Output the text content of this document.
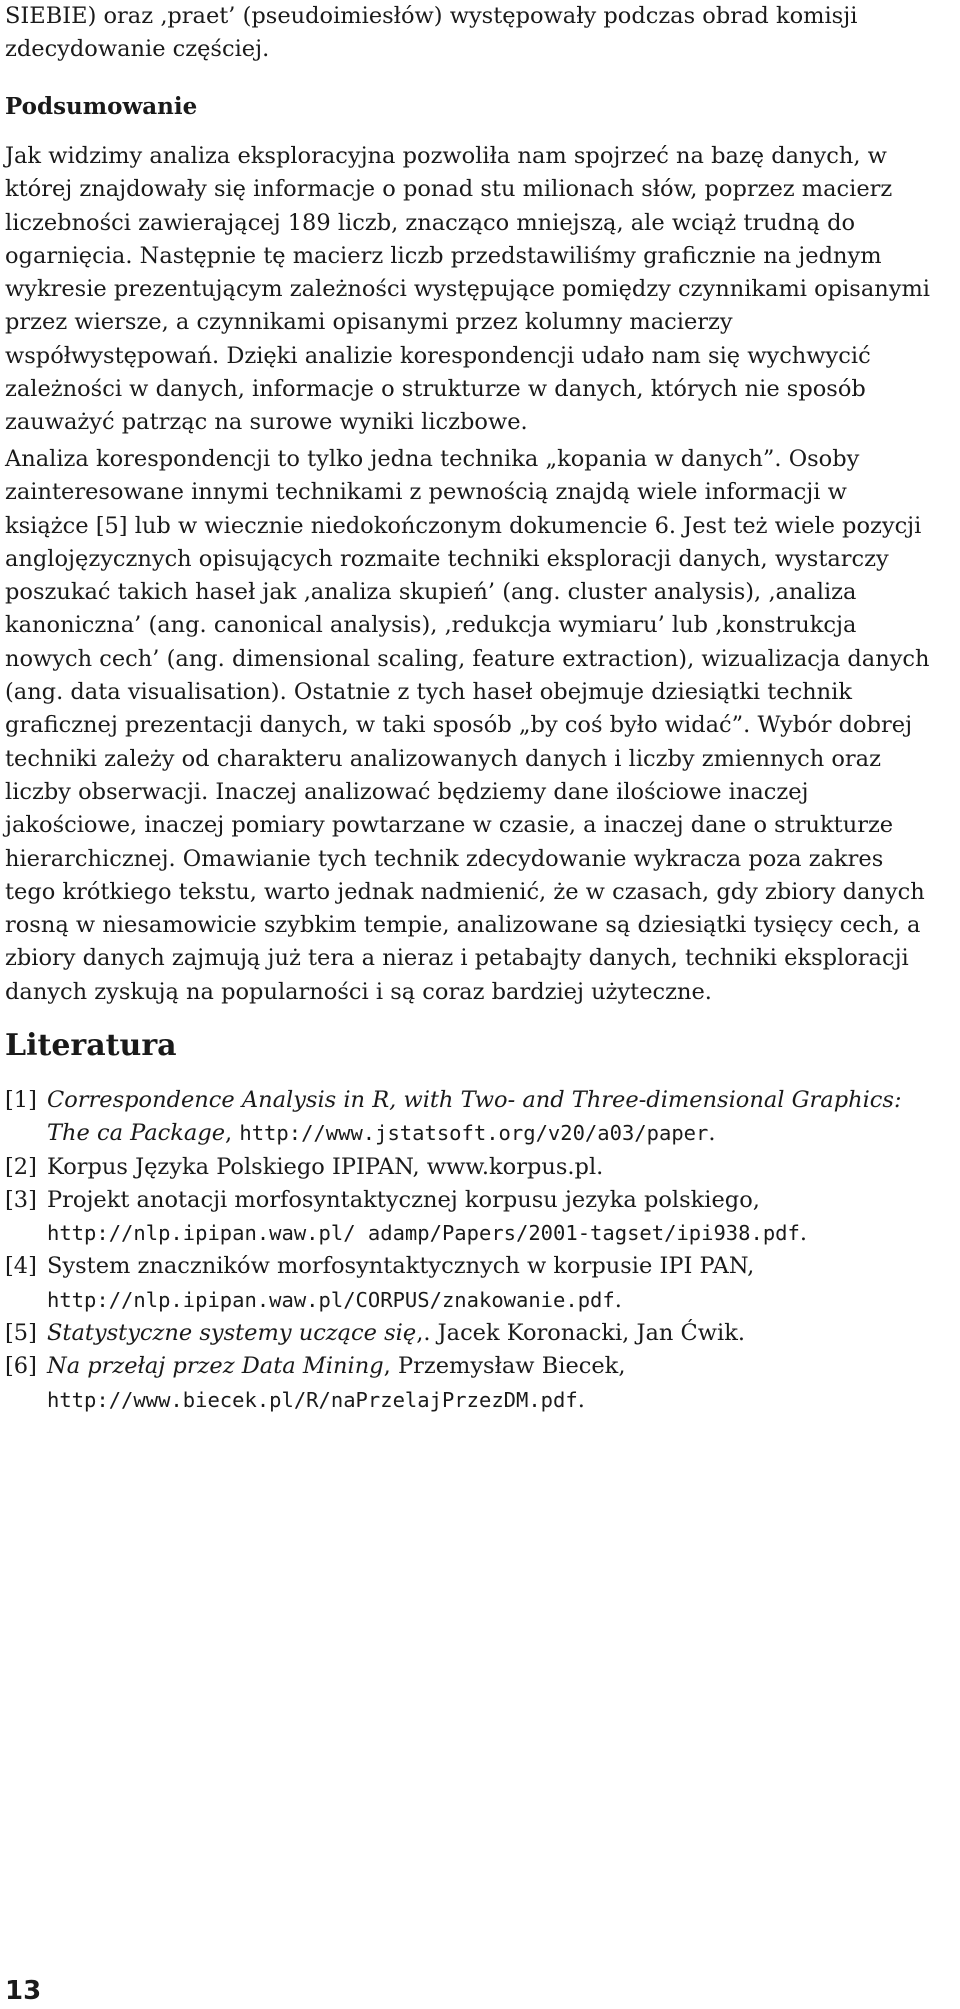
SIEBIE) oraz ‚praet’ (pseudoimiesłów) występowały podczas obrad komisji zdecydowanie częściej.

Podsumowanie

Jak widzimy analiza eksploracyjna pozwoliła nam spojrzeć na bazę danych, w której znajdowały się informacje o ponad stu milionach słów, poprzez macierz liczebności zawierającej 189 liczb, znacząco mniejszą, ale wciąż trudną do ogarnięcia. Następnie tę macierz liczb przedstawiliśmy graficznie na jednym wykresie prezentującym zależności występujące pomiędzy czynnikami opisanymi przez wiersze, a czynnikami opisanymi przez kolumny macierzy współwystępowań. Dzięki analizie korespondencji udało nam się wychwycić zależności w danych, informacje o strukturze w danych, których nie sposób zauważyć patrząc na surowe wyniki liczbowe.

Analiza korespondencji to tylko jedna technika „kopania w danych”. Osoby zainteresowane innymi technikami z pewnością znajdą wiele informacji w książce [5] lub w wiecznie niedokończonym dokumencie 6. Jest też wiele pozycji anglojęzycznych opisujących rozmaite techniki eksploracji danych, wystarczy poszukać takich haseł jak ‚analiza skupień’ (ang. cluster analysis), ‚analiza kanoniczna’ (ang. canonical analysis), ‚redukcja wymiaru’ lub ‚konstrukcja nowych cech’ (ang. dimensional scaling, feature extraction), wizualizacja danych (ang. data visualisation). Ostatnie z tych haseł obejmuje dziesiątki technik graficznej prezentacji danych, w taki sposób „by coś było widać”. Wybór dobrej techniki zależy od charakteru analizowanych danych i liczby zmiennych oraz liczby obserwacji. Inaczej analizować będziemy dane ilościowe inaczej jakościowe, inaczej pomiary powtarzane w czasie, a inaczej dane o strukturze hierarchicznej. Omawianie tych technik zdecydowanie wykracza poza zakres tego krótkiego tekstu, warto jednak nadmienić, że w czasach, gdy zbiory danych rosną w niesamowicie szybkim tempie, analizowane są dziesiątki tysięcy cech, a zbiory danych zajmują już tera a nieraz i petabajty danych, techniki eksploracji danych zyskują na popularności i są coraz bardziej użyteczne.

Literatura
[1] Correspondence Analysis in R, with Two- and Three-dimensional Graphics: The ca Package, http://www.jstatsoft.org/v20/a03/paper.
[2] Korpus Języka Polskiego IPIPAN, www.korpus.pl.
[3] Projekt anotacji morfosyntaktycznej korpusu jezyka polskiego, http://nlp.ipipan.waw.pl/ adamp/Papers/2001-tagset/ipi938.pdf.
[4] System znaczników morfosyntaktycznych w korpusie IPI PAN, http://nlp.ipipan.waw.pl/CORPUS/znakowanie.pdf.
[5] Statystyczne systemy uczące się,. Jacek Koronacki, Jan Ćwik.
[6] Na przełaj przez Data Mining, Przemysław Biecek, http://www.biecek.pl/R/naPrzelajPrzezDM.pdf.
13
